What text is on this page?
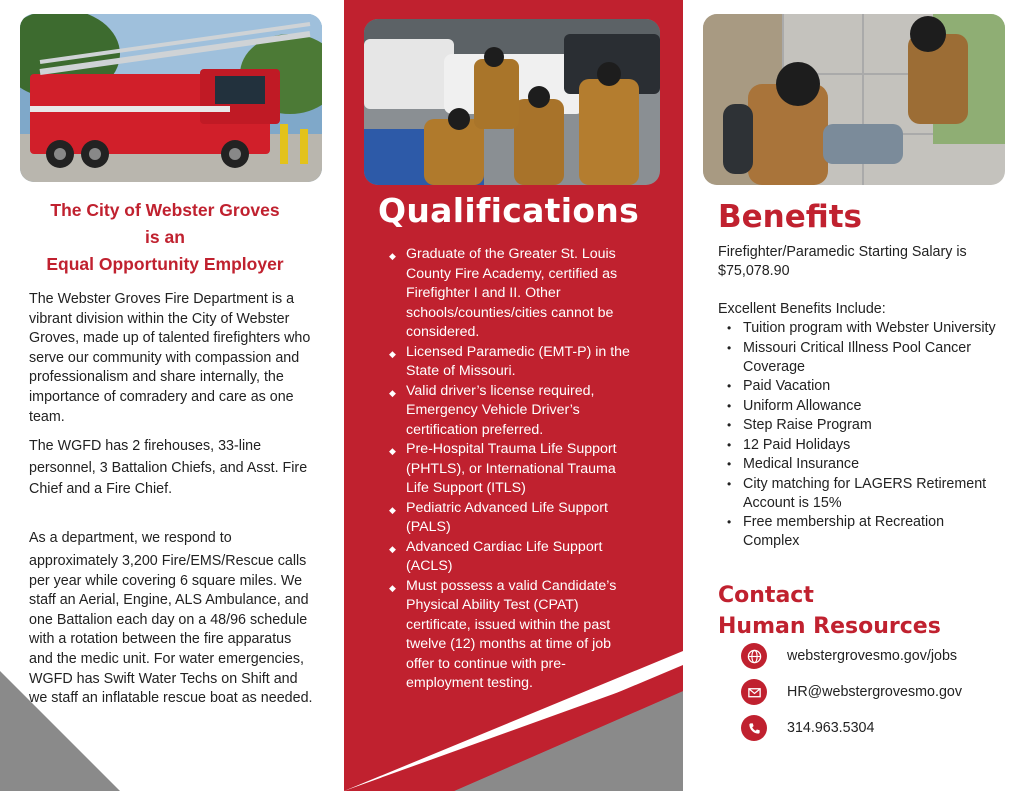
The City of Webster Groves
is an
Equal Opportunity Employer
The Webster Groves Fire Department is a vibrant division within the City of Webster Groves, made up of talented firefighters who serve our community with compassion and professionalism and share internally, the importance of comradery and care as one team.
The WGFD has 2 firehouses, 33-line personnel, 3 Battalion Chiefs, and Asst. Fire Chief and a Fire Chief.
As a department, we respond to
approximately 3,200 Fire/EMS/Rescue calls per year while covering 6 square miles. We staff an Aerial, Engine, ALS Ambulance, and one Battalion each day on a 48/96 schedule with a rotation between the fire apparatus and the medic unit. For water emergencies, WGFD has Swift Water Techs on Shift and we staff an inflatable rescue boat as needed.
Qualifications
◆ Graduate of the Greater St. Louis County Fire Academy, certified as Firefighter I and II. Other schools/counties/cities cannot be considered.
◆ Licensed Paramedic (EMT-P) in the State of Missouri.
◆ Valid driver’s license required, Emergency Vehicle Driver’s certification preferred.
◆ Pre-Hospital Trauma Life Support (PHTLS), or International Trauma Life Support (ITLS)
◆ Pediatric Advanced Life Support (PALS)
◆ Advanced Cardiac Life Support (ACLS)
◆ Must possess a valid Candidate’s Physical Ability Test (CPAT) certificate, issued within the past twelve (12) months at time of job offer to continue with pre-employment testing.
Benefits
Firefighter/Paramedic Starting Salary is $75,078.90
Excellent Benefits Include:
• Tuition program with Webster University
• Missouri Critical Illness Pool Cancer Coverage
• Paid Vacation
• Uniform Allowance
• Step Raise Program
• 12 Paid Holidays
• Medical Insurance
• City matching for LAGERS Retirement Account is 15%
• Free membership at Recreation Complex
Contact
Human Resources
webstergrovesmo.gov/jobs
HR@webstergrovesmo.gov
314.963.5304
